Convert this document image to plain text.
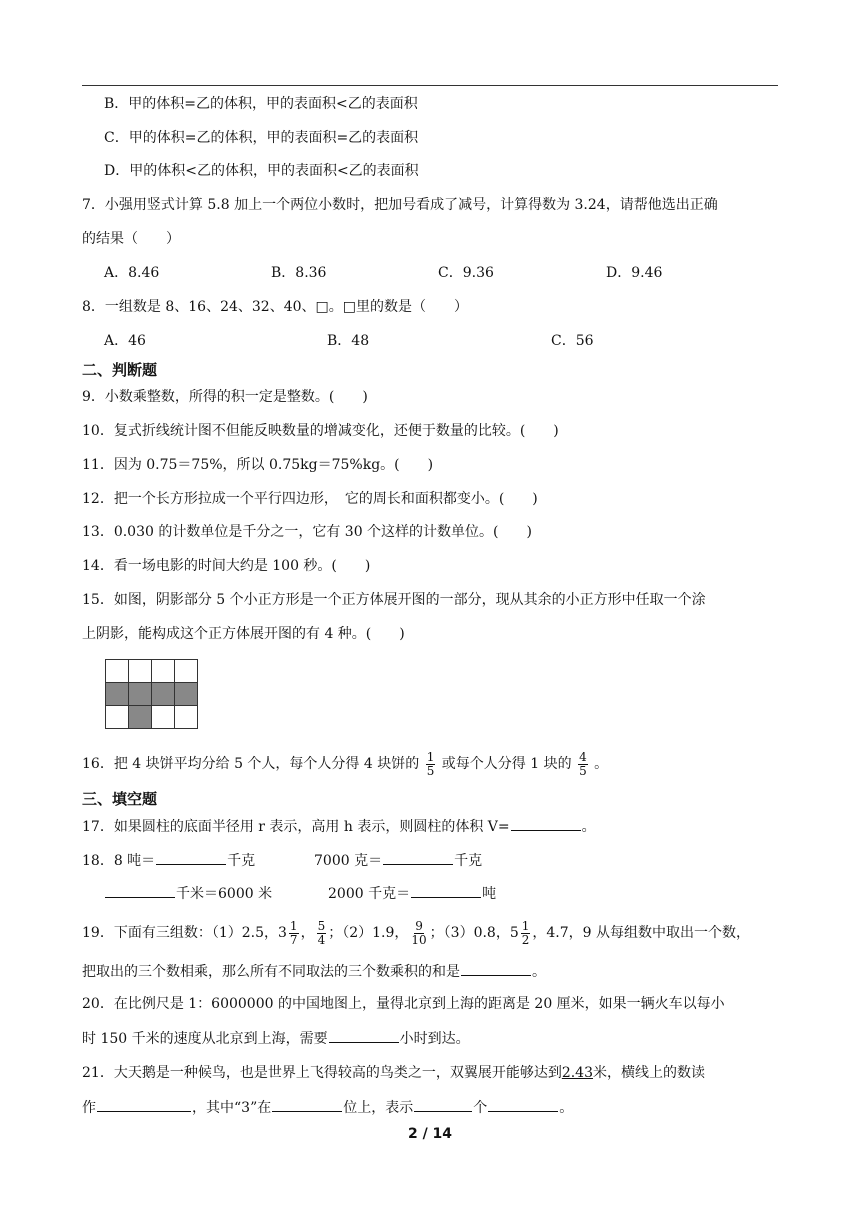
B．甲的体积=乙的体积，甲的表面积<乙的表面积
C．甲的体积=乙的体积，甲的表面积=乙的表面积
D．甲的体积<乙的体积，甲的表面积<乙的表面积
7．小强用竖式计算 5.8 加上一个两位小数时，把加号看成了减号，计算得数为 3.24，请帮他选出正确
的结果（　　）
A．8.46	B．8.36	C．9.36	D．9.46
8．一组数是 8、16、24、32、40、□。□里的数是（　　）
A．46	B．48	C．56
二、判断题
9．小数乘整数，所得的积一定是整数。(　　)
10．复式折线统计图不但能反映数量的增减变化，还便于数量的比较。(　　)
11．因为 0.75＝75%，所以 0.75kg＝75%kg。(　　)
12．把一个长方形拉成一个平行四边形，　它的周长和面积都变小。(　　)
13．0.030 的计数单位是千分之一，它有 30 个这样的计数单位。(　　)
14．看一场电影的时间大约是 100 秒。(　　)
15．如图，阴影部分 5 个小正方形是一个正方体展开图的一部分，现从其余的小正方形中任取一个涂
上阴影，能构成这个正方体展开图的有 4 种。(　　)
16．把 4 块饼平均分给 5 个人，每个人分得 4 块饼的 $\frac{1}{5}$ 或每个人分得 1 块的 $\frac{4}{5}$ 。
三、填空题
17．如果圆柱的底面半径用 r 表示，高用 h 表示，则圆柱的体积 V=	。
18．8 吨＝	千克	7000 克＝	千克
千米＝6000 米	2000 千克＝	吨
19．下面有三组数：（1）2.5，$3 \frac{1}{7}$ ， $\frac{5}{4}$ ；（2）1.9， $\frac{9}{10}$ ；（3）0.8，$5 \frac{1}{2}$ ，4.7，9 从每组数中取出一个数，
把取出的三个数相乘，那么所有不同取法的三个数乘积的和是	。
20．在比例尺是 1：6000000 的中国地图上，量得北京到上海的距离是 20 厘米，如果一辆火车以每小
时 150 千米的速度从北京到上海，需要	小时到达。
21．大天鹅是一种候鸟，也是世界上飞得较高的鸟类之一，双翼展开能够达到2.43米，横线上的数读
作	，其中“3”在	位上，表示	个	。
2 / 14
